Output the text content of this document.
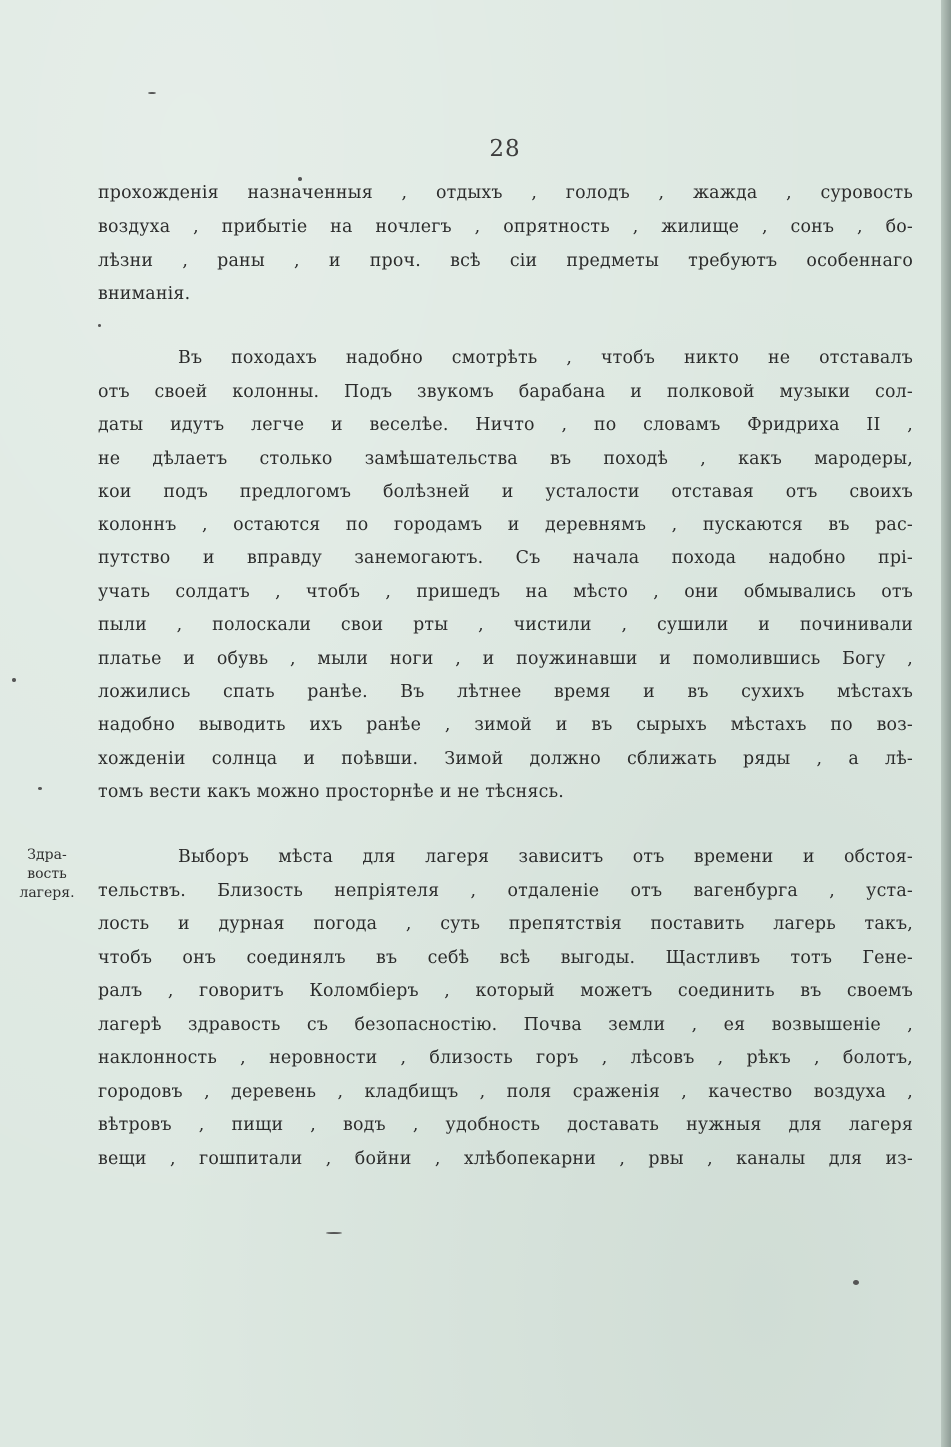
28
прохожденія назначенныя , отдыхъ , голодъ , жажда , суровость
воздуха , прибытіе на ночлегъ , опрятность , жилище , сонъ , бо-
лѣзни , раны , и проч. всѣ сіи предметы требуютъ особеннаго
вниманія.
Въ походахъ надобно смотрѣть , чтобъ никто не отставалъ
отъ своей колонны. Подъ звукомъ барабана и полковой музыки сол-
даты идутъ легче и веселѣе. Ничто , по словамъ Фридриха II ,
не дѣлаетъ столько замѣшательства въ походѣ , какъ мародеры,
кои подъ предлогомъ болѣзней и усталости отставая отъ своихъ
колоннъ , остаются по городамъ и деревнямъ , пускаются въ рас-
путство и вправду занемогаютъ. Съ начала похода надобно прі-
учать солдатъ , чтобъ , пришедъ на мѣсто , они обмывались отъ
пыли , полоскали свои рты , чистили , сушили и починивали
платье и обувь , мыли ноги , и поужинавши и помолившись Богу ,
ложились спать ранѣе. Въ лѣтнее время и въ сухихъ мѣстахъ
надобно выводить ихъ ранѣе , зимой и въ сырыхъ мѣстахъ по воз-
хожденіи солнца и поѣвши. Зимой должно сближать ряды , а лѣ-
томъ вести какъ можно просторнѣе и не тѣснясь.
Здра-
вость
лагеря.
Выборъ мѣста для лагеря зависитъ отъ времени и обстоя-
тельствъ. Близость непріятеля , отдаленіе отъ вагенбурга , уста-
лость и дурная погода , суть препятствія поставить лагерь такъ,
чтобъ онъ соединялъ въ себѣ всѣ выгоды. Щастливъ тотъ Гене-
ралъ , говоритъ Коломбіеръ , который можетъ соединить въ своемъ
лагерѣ здравость съ безопасностію. Почва земли , ея возвышеніе ,
наклонность , неровности , близость горъ , лѣсовъ , рѣкъ , болотъ,
городовъ , деревень , кладбищъ , поля сраженія , качество воздуха ,
вѣтровъ , пищи , водъ , удобность доставать нужныя для лагеря
вещи , гошпитали , бойни , хлѣбопекарни , рвы , каналы для из-
